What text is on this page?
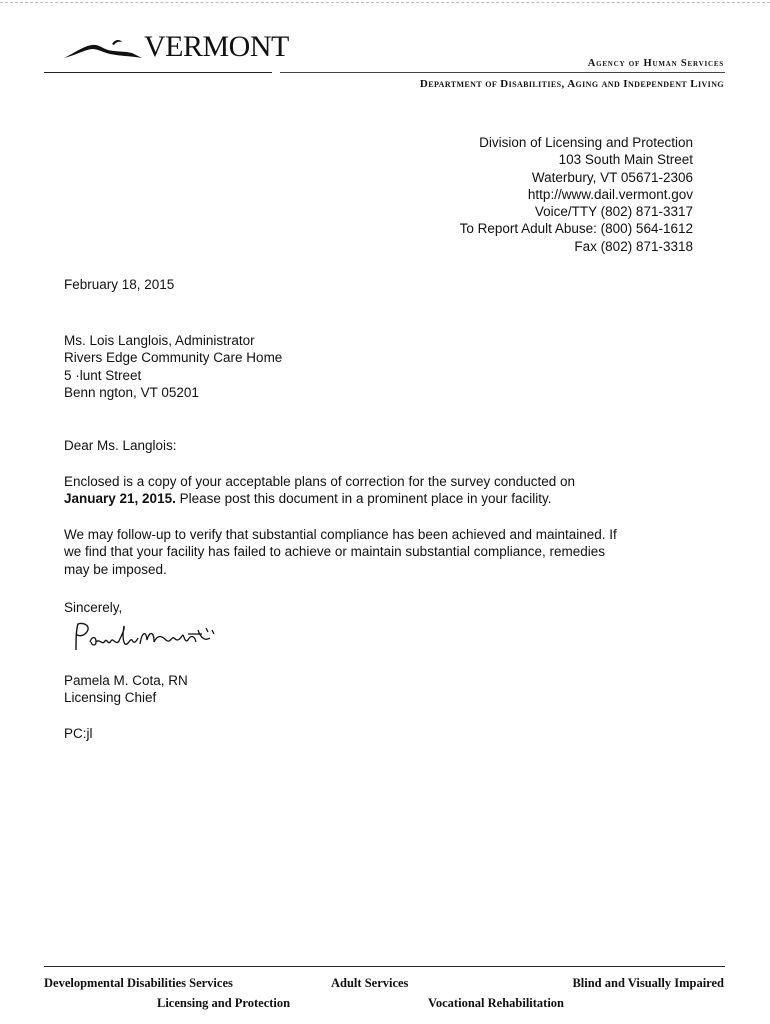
VERMONT
Agency of Human Services
Department of Disabilities, Aging and Independent Living
Division of Licensing and Protection
103 South Main Street
Waterbury, VT 05671-2306
http://www.dail.vermont.gov
Voice/TTY (802) 871-3317
To Report Adult Abuse: (800) 564-1612
Fax (802) 871-3318
February 18, 2015
Ms. Lois Langlois, Administrator
Rivers Edge Community Care Home
5 ·lunt Street
Benn ngton, VT 05201
Dear Ms. Langlois:
Enclosed is a copy of your acceptable plans of correction for the survey conducted on
January 21, 2015. Please post this document in a prominent place in your facility.
We may follow-up to verify that substantial compliance has been achieved and maintained. If
we find that your facility has failed to achieve or maintain substantial compliance, remedies
may be imposed.
Sincerely,
Pamela M. Cota, RN
Licensing Chief
PC:jl
Developmental Disabilities Services	Adult Services	Blind and Visually Impaired
Licensing and Protection	Vocational Rehabilitation
